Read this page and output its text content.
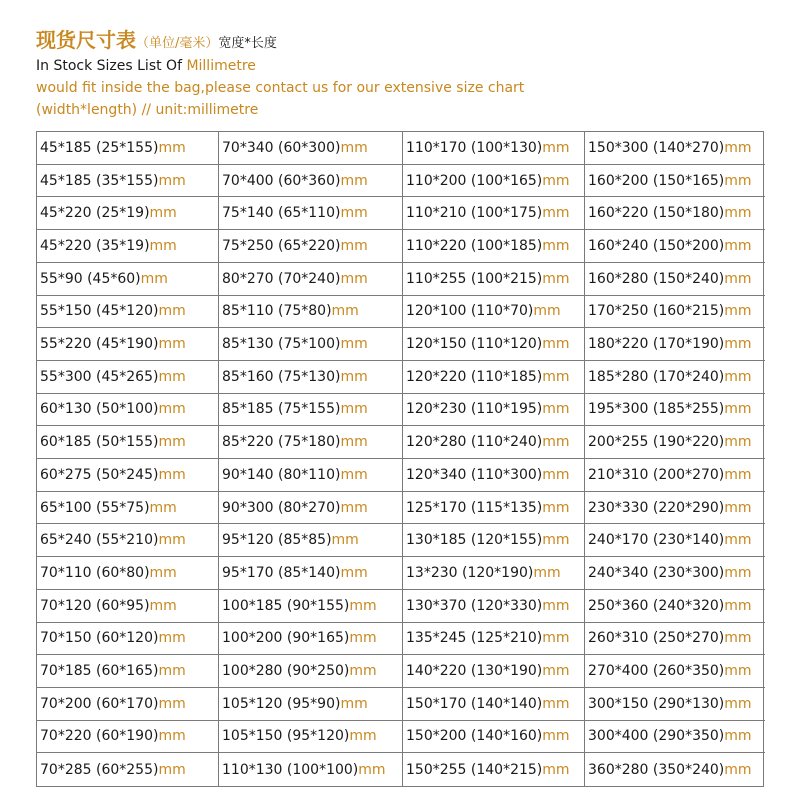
现货尺寸表（单位/毫米）宽度*长度
In Stock Sizes List Of Millimetre
would fit inside the bag,please contact us for our extensive size chart
(width*length) // unit:millimetre
45*185 (25*155) mm	70*340 (60*300) mm	110*170 (100*130) mm 150*300 (140*270) mm
45*185 (35*155) mm	70*400 (60*360) mm	110*200 (100*165) mm 160*200 (150*165) mm
45*220 (25*19) mm	75*140 (65*110) mm	110*210 (100*175) mm 160*220 (150*180) mm
45*220 (35*19) mm	75*250 (65*220) mm	110*220 (100*185) mm 160*240 (150*200) mm
55*90 (45*60) mm	80*270 (70*240) mm	110*255 (100*215) mm 160*280 (150*240) mm
55*150 (45*120) mm	85*110 (75*80) mm	120*100 (110*70) mm 170*250 (160*215) mm
55*220 (45*190) mm	85*130 (75*100) mm	120*150 (110*120) mm 180*220 (170*190) mm
55*300 (45*265) mm	85*160 (75*130) mm	120*220 (110*185) mm 185*280 (170*240) mm
60*130 (50*100) mm	85*185 (75*155) mm	120*230 (110*195) mm 195*300 (185*255) mm
60*185 (50*155) mm	85*220 (75*180) mm	120*280 (110*240) mm 200*255 (190*220) mm
60*275 (50*245) mm	90*140 (80*110) mm	120*340 (110*300) mm 210*310 (200*270) mm
65*100 (55*75) mm	90*300 (80*270) mm	125*170 (115*135) mm 230*330 (220*290) mm
65*240 (55*210) mm	95*120 (85*85) mm	130*185 (120*155) mm 240*170 (230*140) mm
70*110 (60*80) mm	95*170 (85*140) mm	13*230 (120*190) mm 240*340 (230*300) mm
70*120 (60*95) mm	100*185 (90*155) mm 130*370 (120*330) mm 250*360 (240*320) mm
70*150 (60*120) mm	100*200 (90*165) mm 135*245 (125*210) mm 260*310 (250*270) mm
70*185 (60*165) mm	100*280 (90*250) mm 140*220 (130*190) mm 270*400 (260*350) mm
70*200 (60*170) mm	105*120 (95*90) mm	150*170 (140*140) mm 300*150 (290*130) mm
70*220 (60*190) mm	105*150 (95*120) mm 150*200 (140*160) mm 300*400 (290*350) mm
70*285 (60*255) mm	110*130 (100*100) mm 150*255 (140*215) mm 360*280 (350*240) mm
